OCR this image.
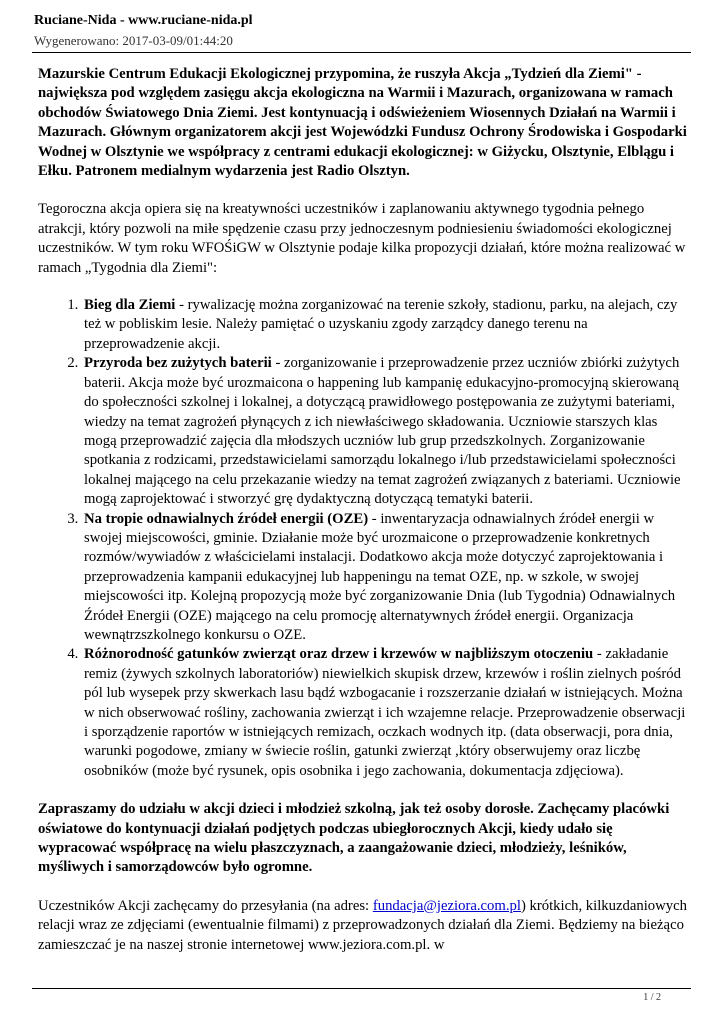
Ruciane-Nida - www.ruciane-nida.pl
Wygenerowano: 2017-03-09/01:44:20

Mazurskie Centrum Edukacji Ekologicznej przypomina, że ruszyła Akcja „Tydzień dla Ziemi" - największa pod względem zasięgu akcja ekologiczna na Warmii i Mazurach, organizowana w ramach obchodów Światowego Dnia Ziemi. Jest kontynuacją i odświeżeniem Wiosennych Działań na Warmii i Mazurach. Głównym organizatorem akcji jest Wojewódzki Fundusz Ochrony Środowiska i Gospodarki Wodnej w Olsztynie we współpracy z centrami edukacji ekologicznej: w Giżycku, Olsztynie, Elblągu i Ełku. Patronem medialnym wydarzenia jest Radio Olsztyn.

Tegoroczna akcja opiera się na kreatywności uczestników i zaplanowaniu aktywnego tygodnia pełnego atrakcji, który pozwoli na miłe spędzenie czasu przy jednoczesnym podniesieniu świadomości ekologicznej uczestników. W tym roku WFOŚiGW w Olsztynie podaje kilka propozycji działań, które można realizować w ramach „Tygodnia dla Ziemi":

1. Bieg dla Ziemi - rywalizację można zorganizować na terenie szkoły, stadionu, parku, na alejach, czy też w pobliskim lesie. Należy pamiętać o uzyskaniu zgody zarządcy danego terenu na przeprowadzenie akcji.
2. Przyroda bez zużytych baterii - zorganizowanie i przeprowadzenie przez uczniów zbiórki zużytych baterii. Akcja może być urozmaicona o happening lub kampanię edukacyjno-promocyjną skierowaną do społeczności szkolnej i lokalnej, a dotyczącą prawidłowego postępowania ze zużytymi bateriami, wiedzy na temat zagrożeń płynących z ich niewłaściwego składowania. Uczniowie starszych klas mogą przeprowadzić zajęcia dla młodszych uczniów lub grup przedszkolnych. Zorganizowanie spotkania z rodzicami, przedstawicielami samorządu lokalnego i/lub przedstawicielami społeczności lokalnej mającego na celu przekazanie wiedzy na temat zagrożeń związanych z bateriami. Uczniowie mogą zaprojektować i stworzyć grę dydaktyczną dotyczącą tematyki baterii.
3. Na tropie odnawialnych źródeł energii (OZE) - inwentaryzacja odnawialnych źródeł energii w swojej miejscowości, gminie. Działanie może być urozmaicone o przeprowadzenie konkretnych rozmów/wywiadów z właścicielami instalacji. Dodatkowo akcja może dotyczyć zaprojektowania i przeprowadzenia kampanii edukacyjnej lub happeningu na temat OZE, np. w szkole, w swojej miejscowości itp. Kolejną propozycją może być zorganizowanie Dnia (lub Tygodnia) Odnawialnych Źródeł Energii (OZE) mającego na celu promocję alternatywnych źródeł energii. Organizacja wewnątrzszkolnego konkursu o OZE.
4. Różnorodność gatunków zwierząt oraz drzew i krzewów w najbliższym otoczeniu - zakładanie remiz (żywych szkolnych laboratoriów) niewielkich skupisk drzew, krzewów i roślin zielnych pośród pól lub wysepek przy skwerkach lasu bądź wzbogacanie i rozszerzanie działań w istniejących. Można w nich obserwować rośliny, zachowania zwierząt i ich wzajemne relacje. Przeprowadzenie obserwacji i sporządzenie raportów w istniejących remizach, oczkach wodnych itp. (data obserwacji, pora dnia, warunki pogodowe, zmiany w świecie roślin, gatunki zwierząt ,który obserwujemy oraz liczbę osobników (może być rysunek, opis osobnika i jego zachowania, dokumentacja zdjęciowa).

Zapraszamy do udziału w akcji dzieci i młodzież szkolną, jak też osoby dorosłe. Zachęcamy placówki oświatowe do kontynuacji działań podjętych podczas ubiegłorocznych Akcji, kiedy udało się wypracować współpracę na wielu płaszczyznach, a zaangażowanie dzieci, młodzieży, leśników, myśliwych i samorządowców było ogromne.

Uczestników Akcji zachęcamy do przesyłania (na adres: fundacja@jeziora.com.pl) krótkich, kilkuzdaniowych relacji wraz ze zdjęciami (ewentualnie filmami) z przeprowadzonych działań dla Ziemi. Będziemy na bieżąco zamieszczać je na naszej stronie internetowej www.jeziora.com.pl. w

1 / 2
